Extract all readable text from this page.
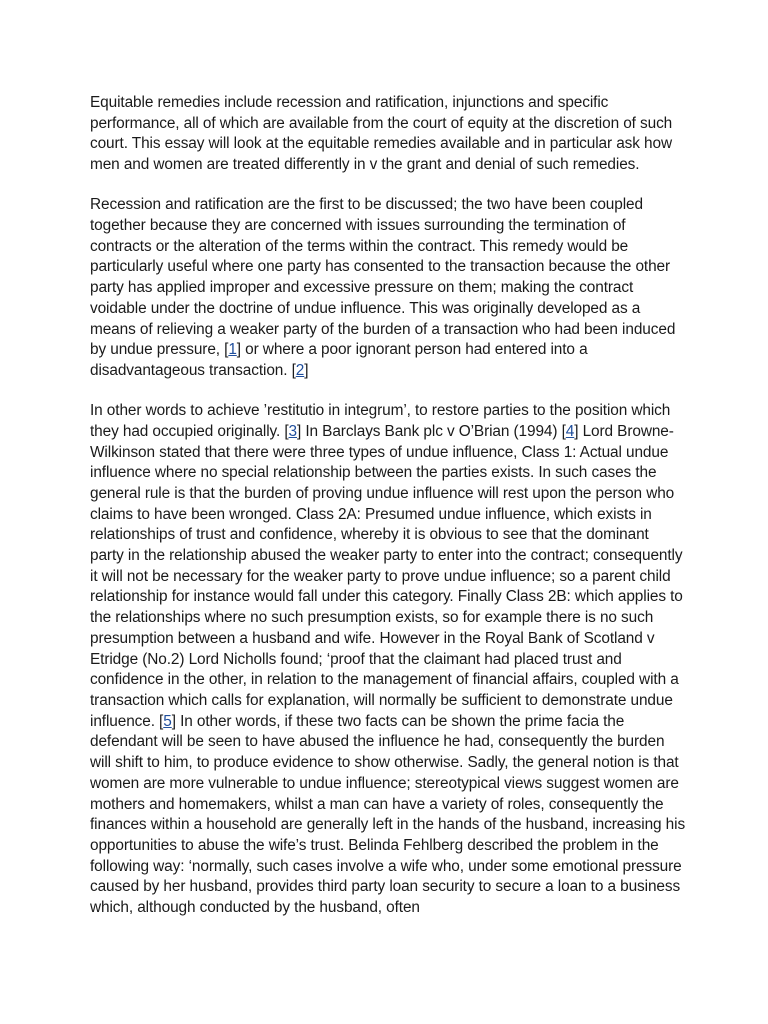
Equitable remedies include recession and ratification, injunctions and specific performance, all of which are available from the court of equity at the discretion of such court. This essay will look at the equitable remedies available and in particular ask how men and women are treated differently in v the grant and denial of such remedies.

Recession and ratification are the first to be discussed; the two have been coupled together because they are concerned with issues surrounding the termination of contracts or the alteration of the terms within the contract. This remedy would be particularly useful where one party has consented to the transaction because the other party has applied improper and excessive pressure on them; making the contract voidable under the doctrine of undue influence. This was originally developed as a means of relieving a weaker party of the burden of a transaction who had been induced by undue pressure, [1] or where a poor ignorant person had entered into a disadvantageous transaction. [2]

In other words to achieve ’restitutio in integrum’, to restore parties to the position which they had occupied originally. [3] In Barclays Bank plc v O’Brian (1994) [4] Lord Browne-Wilkinson stated that there were three types of undue influence, Class 1: Actual undue influence where no special relationship between the parties exists. In such cases the general rule is that the burden of proving undue influence will rest upon the person who claims to have been wronged. Class 2A: Presumed undue influence, which exists in relationships of trust and confidence, whereby it is obvious to see that the dominant party in the relationship abused the weaker party to enter into the contract; consequently it will not be necessary for the weaker party to prove undue influence; so a parent child relationship for instance would fall under this category. Finally Class 2B: which applies to the relationships where no such presumption exists, so for example there is no such presumption between a husband and wife. However in the Royal Bank of Scotland v Etridge (No.2) Lord Nicholls found; ‘proof that the claimant had placed trust and confidence in the other, in relation to the management of financial affairs, coupled with a transaction which calls for explanation, will normally be sufficient to demonstrate undue influence. [5] In other words, if these two facts can be shown the prime facia the defendant will be seen to have abused the influence he had, consequently the burden will shift to him, to produce evidence to show otherwise. Sadly, the general notion is that women are more vulnerable to undue influence; stereotypical views suggest women are mothers and homemakers, whilst a man can have a variety of roles, consequently the finances within a household are generally left in the hands of the husband, increasing his opportunities to abuse the wife’s trust. Belinda Fehlberg described the problem in the following way: ‘normally, such cases involve a wife who, under some emotional pressure caused by her husband, provides third party loan security to secure a loan to a business which, although conducted by the husband, often
